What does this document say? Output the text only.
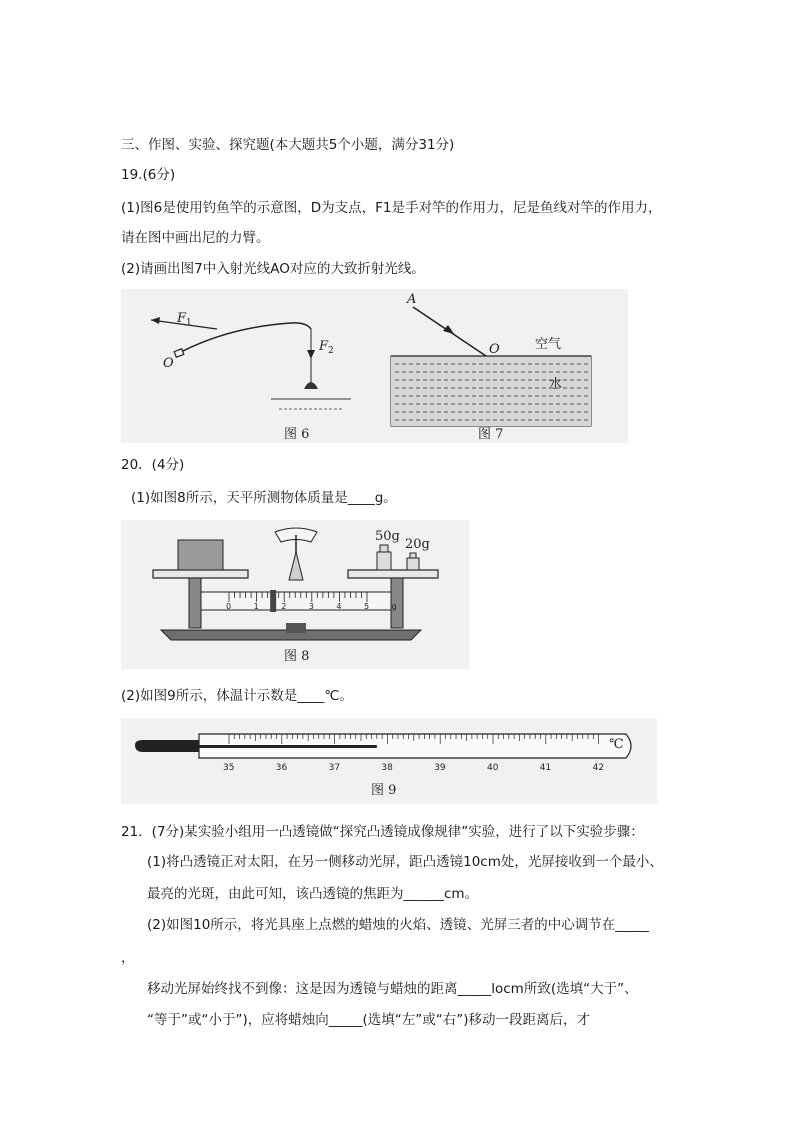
三、作图、实验、探究题(本大题共5个小题，满分31分)
19.(6分)
(1)图6是使用钓鱼竿的示意图，D为支点，F1是手对竿的作用力，尼是鱼线对竿的作用力，
请在图中画出尼的力臂。
(2)请画出图7中入射光线AO对应的大致折射光线。
O
$F_1$
$F_2$
图 6
A
O	空气
水
图 7
20．(4分)
(1)如图8所示，天平所测物体质量是____g。
50g
20g
0	1	2	3	4	5	g
图 8
(2)如图9所示，体温计示数是____℃。
35	36	37	38	39	40	41	42
℃
图 9
21．(7分)某实验小组用一凸透镜做“探究凸透镜成像规律”实验，进行了以下实验步骤：
(1)将凸透镜正对太阳，在另一侧移动光屏，距凸透镜10cm处，光屏接收到一个最小、
最亮的光斑，由此可知，该凸透镜的焦距为______cm。
(2)如图10所示，将光具座上点燃的蜡烛的火焰、透镜、光屏三者的中心调节在_____
，
移动光屏始终找不到像：这是因为透镜与蜡烛的距离_____locm所致(选填“大于”、
“等于”或“小于”)，应将蜡烛向_____(选填“左”或“右”)移动一段距离后，才
